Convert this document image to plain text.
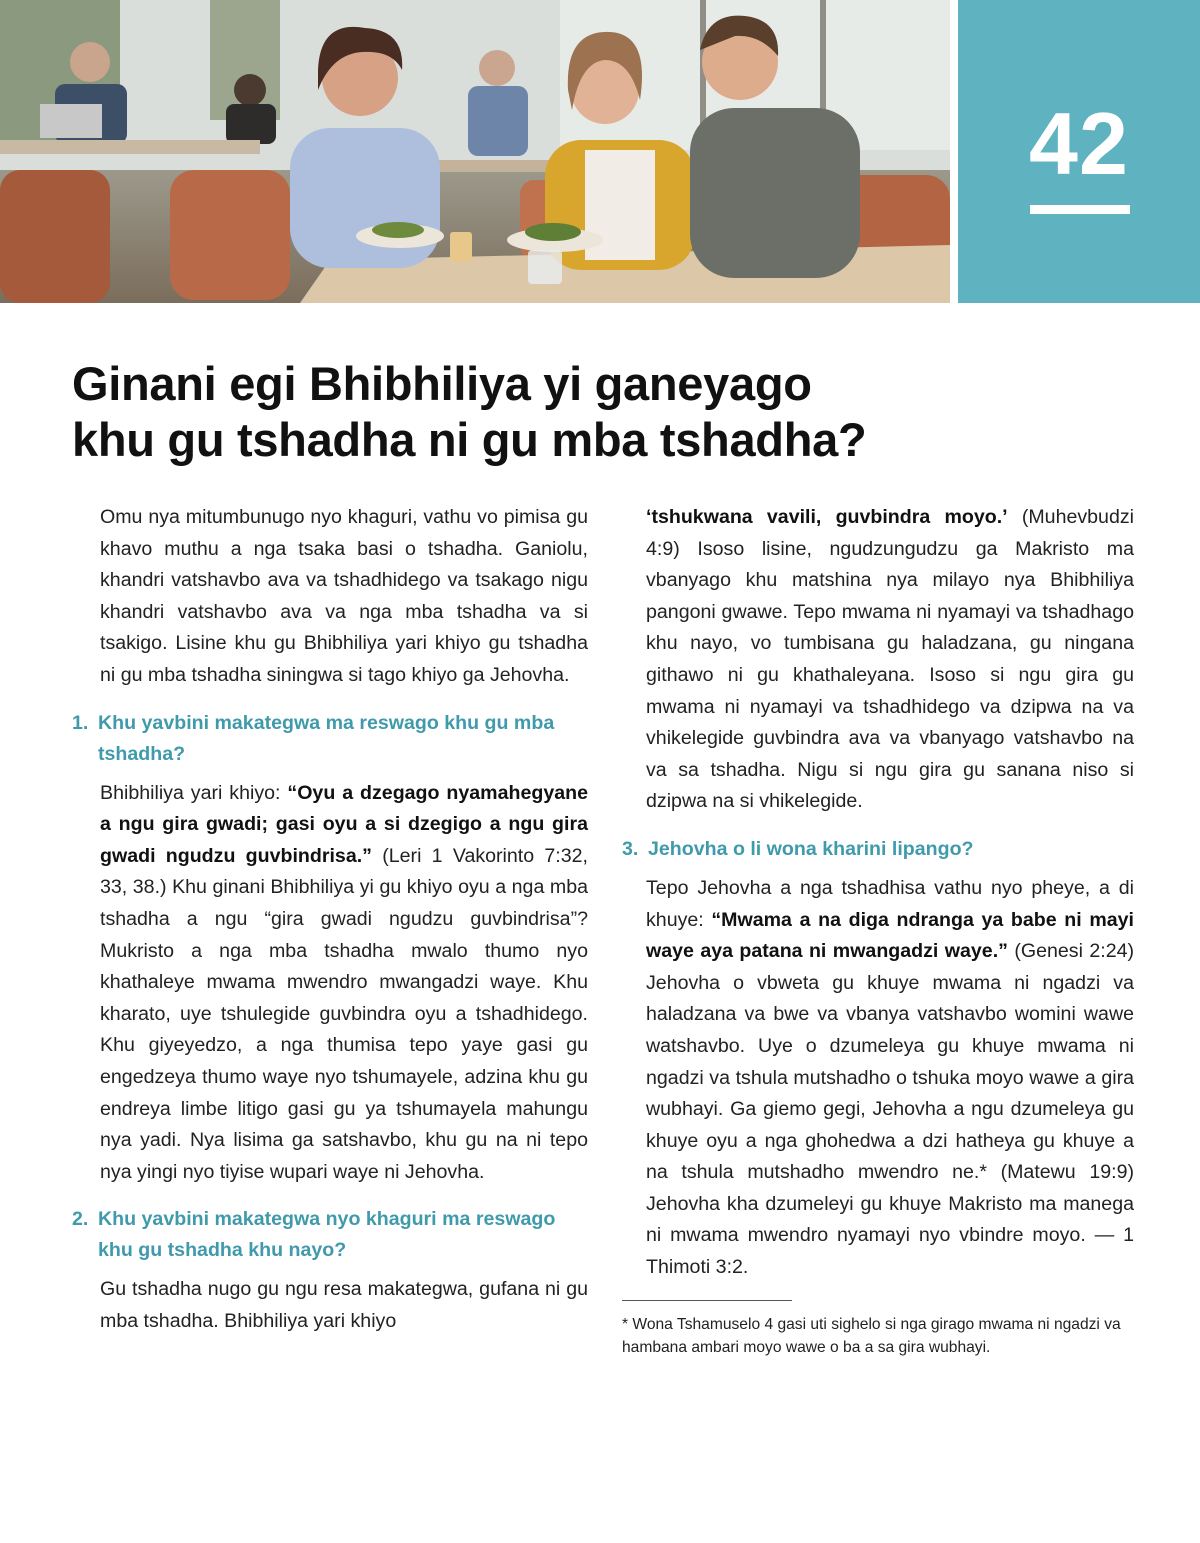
42
Ginani egi Bhibhiliya yi ganeyago
khu gu tshadha ni gu mba tshadha?

Omu nya mitumbunugo nyo khaguri, vathu vo pimisa gu khavo muthu a nga tsaka basi o tshadha. Ganiolu, khandri vatshavbo ava va tshadhidego va tsakago nigu khandri vatshavbo ava va nga mba tshadha va si tsakigo. Lisine khu gu Bhibhiliya yari khiyo gu tshadha ni gu mba tshadha siningwa si tago khiyo ga Jehovha.

1. Khu yavbini makategwa ma reswago khu gu mba tshadha?

Bhibhiliya yari khiyo: “Oyu a dzegago nyamahegyane a ngu gira gwadi; gasi oyu a si dzegigo a ngu gira gwadi ngudzu guvbindrisa.” (Leri 1 Vakorinto 7:32, 33, 38.) Khu ginani Bhibhiliya yi gu khiyo oyu a nga mba tshadha a ngu “gira gwadi ngudzu guvbindrisa”? Mukristo a nga mba tshadha mwalo thumo nyo khathaleye mwama mwendro mwangadzi waye. Khu kharato, uye tshulegide guvbindra oyu a tshadhidego. Khu giyeyedzo, a nga thumisa tepo yaye gasi gu engedzeya thumo waye nyo tshumayele, adzina khu gu endreya limbe litigo gasi gu ya tshumayela mahungu nya yadi. Nya lisima ga satshavbo, khu gu na ni tepo nya yingi nyo tiyise wupari waye ni Jehovha.

2. Khu yavbini makategwa nyo khaguri ma reswago khu gu tshadha khu nayo?

Gu tshadha nugo gu ngu resa makategwa, gufana ni gu mba tshadha. Bhibhiliya yari khiyo

‘tshukwana vavili, guvbindra moyo.’ (Muhevbudzi 4:9) Isoso lisine, ngudzungudzu ga Makristo ma vbanyago khu matshina nya milayo nya Bhibhiliya pangoni gwawe. Tepo mwama ni nyamayi va tshadhago khu nayo, vo tumbisana gu haladzana, gu ningana githawo ni gu khathaleyana. Isoso si ngu gira gu mwama ni nyamayi va tshadhidego va dzipwa na va vhikelegide guvbindra ava va vbanyago vatshavbo na va sa tshadha. Nigu si ngu gira gu sanana niso si dzipwa na si vhikelegide.

3. Jehovha o li wona kharini lipango?

Tepo Jehovha a nga tshadhisa vathu nyo pheye, a di khuye: “Mwama a na diga ndranga ya babe ni mayi waye aya patana ni mwangadzi waye.” (Genesi 2:24) Jehovha o vbweta gu khuye mwama ni ngadzi va haladzana va bwe va vbanya vatshavbo womini wawe watshavbo. Uye o dzumeleya gu khuye mwama ni ngadzi va tshula mutshadho o tshuka moyo wawe a gira wubhayi. Ga giemo gegi, Jehovha a ngu dzumeleya gu khuye oyu a nga ghohedwa a dzi hatheya gu khuye a na tshula mutshadho mwendro ne.* (Matewu 19:9) Jehovha kha dzumeleyi gu khuye Makristo ma manega ni mwama mwendro nyamayi nyo vbindre moyo. — 1 Thimoti 3:2.

* Wona Tshamuselo 4 gasi uti sighelo si nga girago mwama ni ngadzi va hambana ambari moyo wawe o ba a sa gira wubhayi.
